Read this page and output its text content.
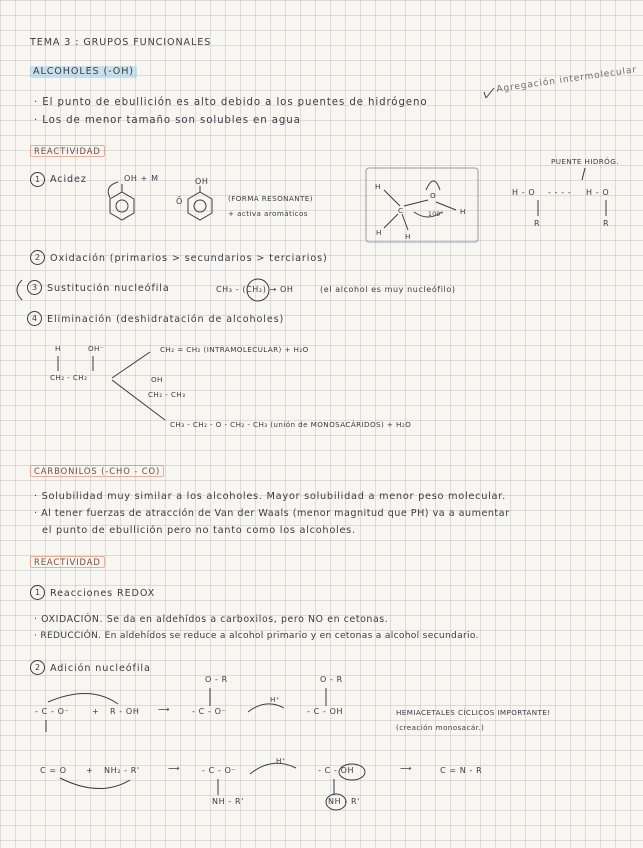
TEMA 3 : GRUPOS FUNCIONALES
ALCOHOLES (-OH)	Agregación intermolecular
· El punto de ebullición es alto debido a los puentes de hidrógeno
· Los de menor tamaño son solubles en agua
REACTIVIDAD
1	Acidez	OH + M	OH
Ō	(FORMA RESONANTE)
+ activa aromáticos
H
C
O
H
H	H
109°
PUENTE HIDRÓG.
H - O - - - - H - O
R	R
2	Oxidación (primarios > secundarios > terciarios)
3	Sustitución nucleófila	CH₃ - (CH₂) → OH	(el alcohol es muy nucleófilo)
4	Eliminación (deshidratación de alcoholes)
H	OH⁻
CH₂ - CH₂
CH₂ = CH₂ (INTRAMOLECULAR) + H₂O
OH
CH₂ - CH₃
CH₃ - CH₂ - O - CH₂ - CH₃ (unión de MONOSACÁRIDOS) + H₂O
CARBONILOS (-CHO - CO)
· Solubilidad muy similar a los alcoholes. Mayor solubilidad a menor peso molecular.
· Al tener fuerzas de atracción de Van der Waals (menor magnitud que PH) va a aumentar
el punto de ebullición pero no tanto como los alcoholes.
REACTIVIDAD
1	Reacciones REDOX
· OXIDACIÓN. Se da en aldehídos a carboxilos, pero NO en cetonas.
· REDUCCIÓN. En aldehídos se reduce a alcohol primario y en cetonas a alcohol secundario.
2	Adición nucleófila
- C - O⁻	+ R - OH ⟶
O - R
- C - O⁻
H⁺
O - R
- C - OH	HEMIACETALES CÍCLICOS IMPORTANTE!
(creación monosacár.)
C = O + NH₂ - R'	⟶	- C - O⁻
NH - R'
H⁺
- C - OH
NH - R'
⟶	C = N - R
